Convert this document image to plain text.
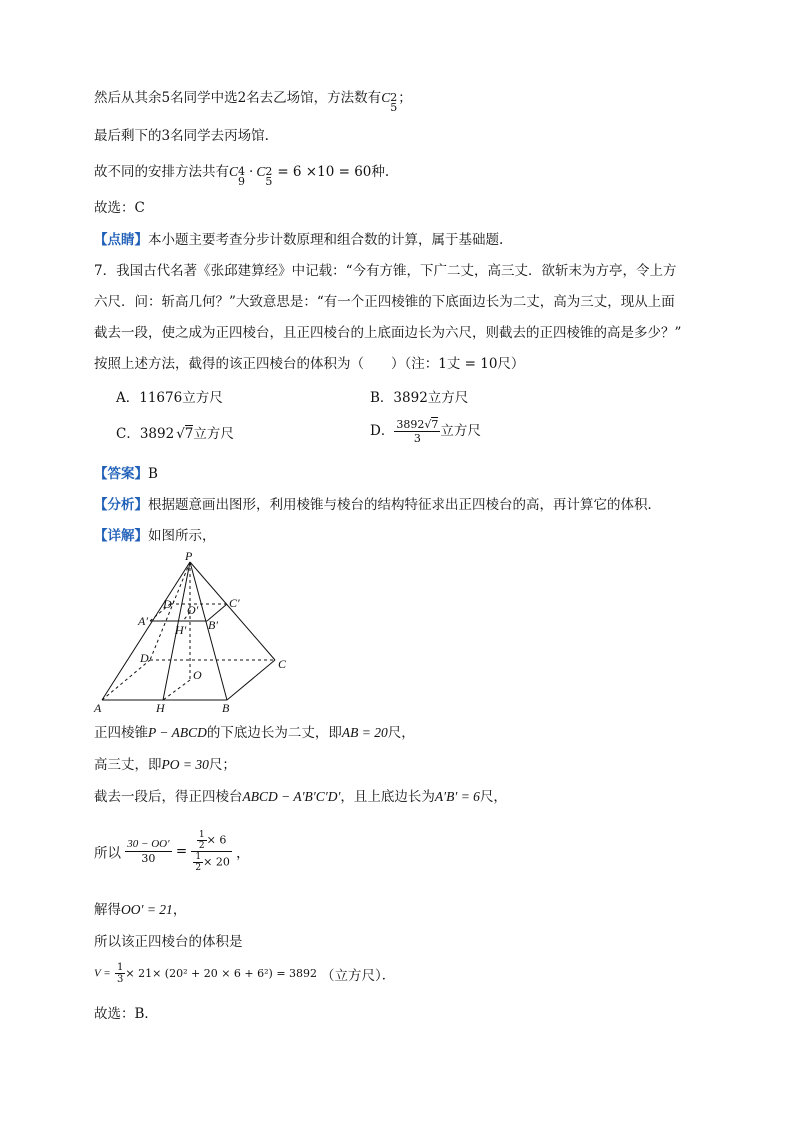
然后从其余5名同学中选2名去乙场馆，方法数有C 2
5
；
最后剩下的3名同学去丙场馆.
故不同的安排方法共有C 4
9
· C 2
5
= 6 ×10 = 60种.
故选：C
【点睛】本小题主要考查分步计数原理和组合数的计算，属于基础题.
7．我国古代名著《张邱建算经》中记载：“今有方锥，下广二丈，高三丈．欲斩末为方亭，令上方
六尺．问：斩高几何？”大致意思是：“有一个正四棱锥的下底面边长为二丈，高为三丈，现从上面
截去一段，使之成为正四棱台，且正四棱台的上底面边长为六尺，则截去的正四棱锥的高是多少？”
按照上述方法，截得的该正四棱台的体积为（　　）（注：1丈 = 10尺）
A．11676立方尺	B．3892立方尺
C．3892 √7立方尺	D． $\frac{3892√7}{3}$ 立方尺
【答案】B
【分析】根据题意画出图形，利用棱锥与棱台的结构特征求出正四棱台的高，再计算它的体积．
【详解】如图所示，
P
A	B
C
D
H
O
A′	B′
C′
D′
H′
O′
正四棱锥P − ABCD的下底边长为二丈，即AB = 20尺，
高三丈，即PO = 30尺；
截去一段后，得正四棱台ABCD − A′B′C′D′，且上底边长为A′B′ = 6尺，
所以 $\frac{30 - OO'}{30} = \frac{\frac{1}{2} \times 6}{\frac{1}{2} \times 20}$ ，
解得OO′ = 21，
所以该正四棱台的体积是
$V = \frac{1}{3} \times 21\times (20^2 + 20 \times 6 + 6^2) = 3892$ （立方尺）．
故选：B．
